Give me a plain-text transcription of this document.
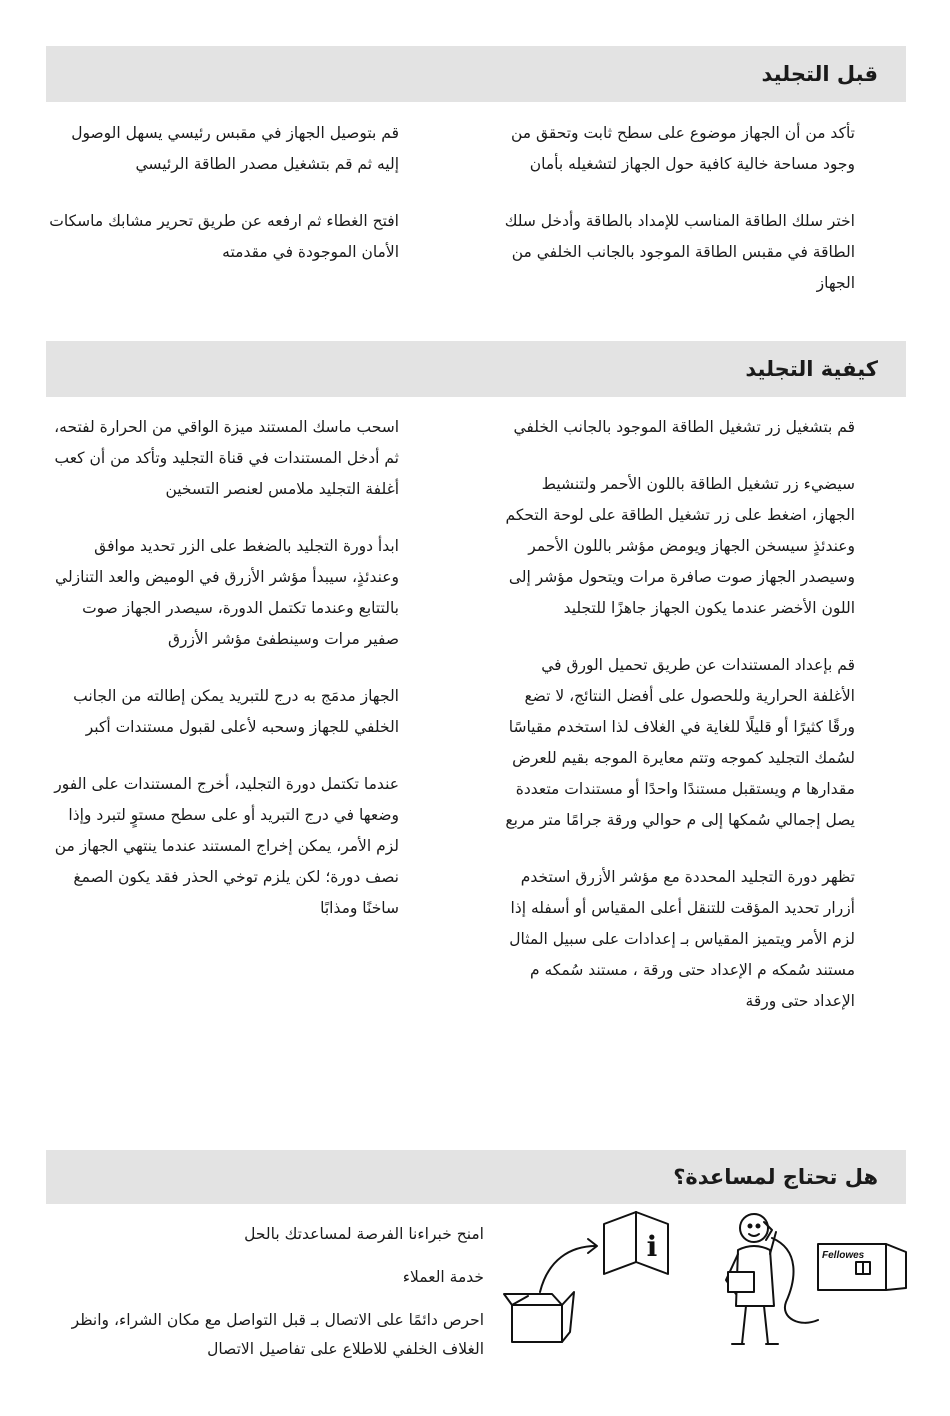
قبل التجليد

تأكد من أن الجهاز موضوع على سطح ثابت وتحقق من وجود مساحة خالية كافية حول الجهاز لتشغيله بأمان

اختر سلك الطاقة المناسب للإمداد بالطاقة وأدخل سلك الطاقة في مقبس الطاقة الموجود بالجانب الخلفي من الجهاز

قم بتوصيل الجهاز في مقبس رئيسي يسهل الوصول إليه ثم قم بتشغيل مصدر الطاقة الرئيسي

افتح الغطاء ثم ارفعه عن طريق تحرير مشابك ماسكات الأمان الموجودة في مقدمته

كيفية التجليد

قم بتشغيل زر تشغيل الطاقة الموجود بالجانب الخلفي

سيضيء زر تشغيل الطاقة باللون الأحمر ولتنشيط الجهاز، اضغط على زر تشغيل الطاقة على لوحة التحكم وعندئذٍ سيسخن الجهاز ويومض مؤشر باللون الأحمر وسيصدر الجهاز صوت صافرة مرات ويتحول مؤشر إلى اللون الأخضر عندما يكون الجهاز جاهزًا للتجليد

قم بإعداد المستندات عن طريق تحميل الورق في الأغلفة الحرارية وللحصول على أفضل النتائج، لا تضع ورقًا كثيرًا أو قليلًا للغاية في الغلاف لذا استخدم مقياسًا لسُمك التجليد كموجه وتتم معايرة الموجه بقيم للعرض مقدارها م ويستقبل مستندًا واحدًا أو مستندات متعددة يصل إجمالي سُمكها إلى م حوالي ورقة جرامًا متر مربع

تظهر دورة التجليد المحددة مع مؤشر الأزرق استخدم أزرار تحديد المؤقت للتنقل أعلى المقياس أو أسفله إذا لزم الأمر ويتميز المقياس بـ إعدادات على سبيل المثال مستند سُمكه م الإعداد حتى ورقة ، مستند سُمكه م الإعداد حتى ورقة

اسحب ماسك المستند ميزة الواقي من الحرارة لفتحه، ثم أدخل المستندات في قناة التجليد وتأكد من أن كعب أغلفة التجليد ملامس لعنصر التسخين

ابدأ دورة التجليد بالضغط على الزر تحديد موافق وعندئذٍ، سيبدأ مؤشر الأزرق في الوميض والعد التنازلي بالتتابع وعندما تكتمل الدورة، سيصدر الجهاز صوت صفير مرات وسينطفئ مؤشر الأزرق

الجهاز مدمَج به درج للتبريد يمكن إطالته من الجانب الخلفي للجهاز وسحبه لأعلى لقبول مستندات أكبر

عندما تكتمل دورة التجليد، أخرج المستندات على الفور وضعها في درج التبريد أو على سطح مستوٍ لتبرد وإذا لزم الأمر، يمكن إخراج المستند عندما ينتهي الجهاز من نصف دورة؛ لكن يلزم توخي الحذر فقد يكون الصمغ ساخنًا ومذابًا

هل تحتاج لمساعدة؟

امنح خبراءنا الفرصة لمساعدتك بالحل

خدمة العملاء

احرص دائمًا على الاتصال بـ قبل التواصل مع مكان الشراء، وانظر الغلاف الخلفي للاطلاع على تفاصيل الاتصال

i	Fellowes
